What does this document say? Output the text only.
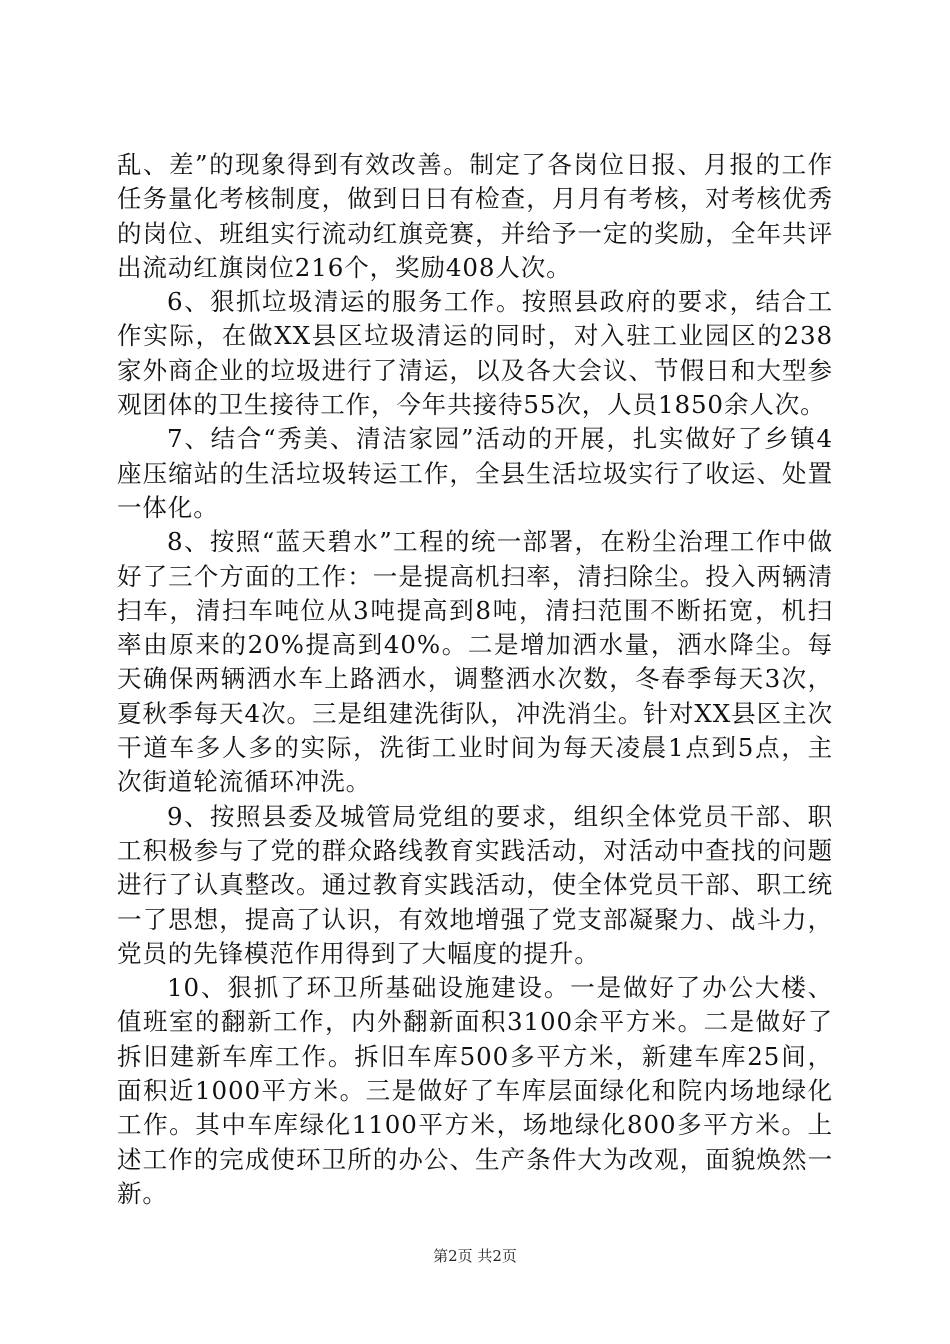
乱、差”的现象得到有效改善。制定了各岗位日报、月报的工作任务量化考核制度，做到日日有检查，月月有考核，对考核优秀的岗位、班组实行流动红旗竞赛，并给予一定的奖励，全年共评出流动红旗岗位216个，奖励408人次。

6、狠抓垃圾清运的服务工作。按照县政府的要求，结合工作实际，在做XX县区垃圾清运的同时，对入驻工业园区的238家外商企业的垃圾进行了清运，以及各大会议、节假日和大型参观团体的卫生接待工作，今年共接待55次，人员1850余人次。

7、结合“秀美、清洁家园”活动的开展，扎实做好了乡镇4座压缩站的生活垃圾转运工作，全县生活垃圾实行了收运、处置一体化。

8、按照“蓝天碧水”工程的统一部署，在粉尘治理工作中做好了三个方面的工作：一是提高机扫率，清扫除尘。投入两辆清扫车，清扫车吨位从3吨提高到8吨，清扫范围不断拓宽，机扫率由原来的20%提高到40%。二是增加洒水量，洒水降尘。每天确保两辆洒水车上路洒水，调整洒水次数，冬春季每天3次，夏秋季每天4次。三是组建洗街队，冲洗消尘。针对XX县区主次干道车多人多的实际，洗街工业时间为每天凌晨1点到5点，主次街道轮流循环冲洗。

9、按照县委及城管局党组的要求，组织全体党员干部、职工积极参与了党的群众路线教育实践活动，对活动中查找的问题进行了认真整改。通过教育实践活动，使全体党员干部、职工统一了思想，提高了认识，有效地增强了党支部凝聚力、战斗力，党员的先锋模范作用得到了大幅度的提升。

10、狠抓了环卫所基础设施建设。一是做好了办公大楼、值班室的翻新工作，内外翻新面积3100余平方米。二是做好了拆旧建新车库工作。拆旧车库500多平方米，新建车库25间，面积近1000平方米。三是做好了车库层面绿化和院内场地绿化工作。其中车库绿化1100平方米，场地绿化800多平方米。上述工作的完成使环卫所的办公、生产条件大为改观，面貌焕然一新。

第2页 共2页
